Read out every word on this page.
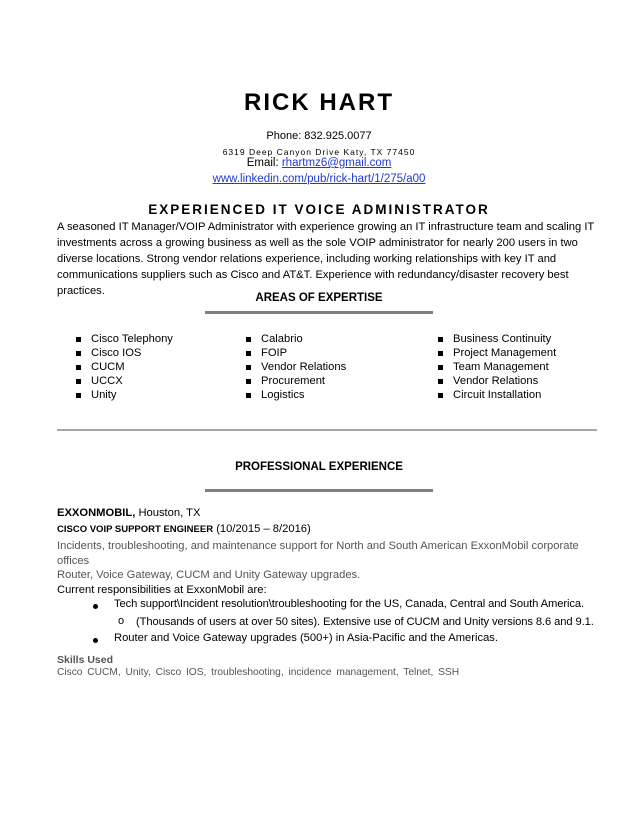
RICK HART
Phone: 832.925.0077
6319 Deep Canyon Drive Katy, TX 77450
Email: rhartmz6@gmail.com
www.linkedin.com/pub/rick-hart/1/275/a00
EXPERIENCED IT VOICE ADMINISTRATOR
A seasoned IT Manager/VOIP Administrator with experience growing an IT infrastructure team and scaling IT investments across a growing business as well as the sole VOIP administrator for nearly 200 users in two diverse locations. Strong vendor relations experience, including working relationships with key IT and communications suppliers such as Cisco and AT&T. Experience with redundancy/disaster recovery best practices.
AREAS OF EXPERTISE
Cisco Telephony
Cisco IOS
CUCM
UCCX
Unity
Calabrio
FOIP
Vendor Relations
Procurement
Logistics
Business Continuity
Project Management
Team Management
Vendor Relations
Circuit Installation
PROFESSIONAL EXPERIENCE
EXXONMOBIL, Houston, TX
CISCO VOIP SUPPORT ENGINEER (10/2015 – 8/2016)
Incidents, troubleshooting, and maintenance support for North and South American ExxonMobil corporate offices
Router, Voice Gateway, CUCM and Unity Gateway upgrades.
Current responsibilities at ExxonMobil are:
Tech support\Incident resolution\troubleshooting for the US, Canada, Central and South America.
o (Thousands of users at over 50 sites). Extensive use of CUCM and Unity versions 8.6 and 9.1.
Router and Voice Gateway upgrades (500+) in Asia-Pacific and the Americas.
Skills Used
Cisco CUCM, Unity, Cisco IOS, troubleshooting, incidence management, Telnet, SSH
